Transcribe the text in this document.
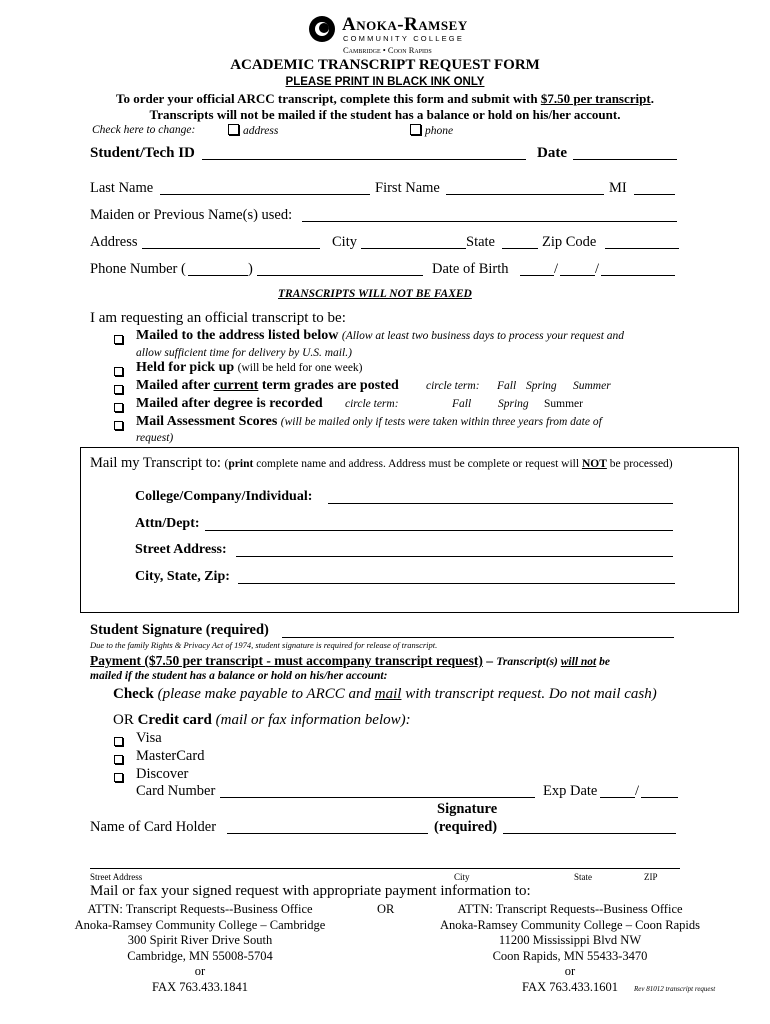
Anoka-Ramsey
COMMUNITY COLLEGE
Cambridge • Coon Rapids
ACADEMIC TRANSCRIPT REQUEST FORM
PLEASE PRINT IN BLACK INK ONLY
To order your official ARCC transcript, complete this form and submit with $7.50 per transcript.
Transcripts will not be mailed if the student has a balance or hold on his/her account.
Check here to change:	address	phone
Student/Tech ID	Date
Last Name	First Name	MI
Maiden or Previous Name(s) used:
Address	City	State	Zip Code
Phone Number (	)	Date of Birth	/	/
TRANSCRIPTS WILL NOT BE FAXED
I am requesting an official transcript to be:
Mailed to the address listed below (Allow at least two business days to process your request and
allow sufficient time for delivery by U.S. mail.)
Held for pick up (will be held for one week)
Mailed after current term grades are posted circle term: Fall Spring Summer
Mailed after degree is recorded circle term:	Fall Spring Summer
Mail Assessment Scores (will be mailed only if tests were taken within three years from date of
request)
Mail my Transcript to: (print complete name and address. Address must be complete or request will NOT be processed)
College/Company/Individual:
Attn/Dept:
Street Address:
City, State, Zip:
Student Signature (required)
Due to the family Rights & Privacy Act of 1974, student signature is required for release of transcript.
Payment ($7.50 per transcript - must accompany transcript request) – Transcript(s) will not be
mailed if the student has a balance or hold on his/her account:
Check (please make payable to ARCC and mail with transcript request. Do not mail cash)
OR Credit card (mail or fax information below):
Visa
MasterCard
Discover
Card Number	Exp Date	/
Signature
Name of Card Holder	(required)
Street Address	City	State	ZIP
Mail or fax your signed request with appropriate payment information to:
OR
ATTN: Transcript Requests--Business Office
Anoka-Ramsey Community College – Cambridge
300 Spirit River Drive South
Cambridge, MN 55008-5704
or
FAX 763.433.1841
ATTN: Transcript Requests--Business Office
Anoka-Ramsey Community College – Coon Rapids
11200 Mississippi Blvd NW
Coon Rapids, MN 55433-3470
or
FAX 763.433.1601	Rev 81012 transcript request
